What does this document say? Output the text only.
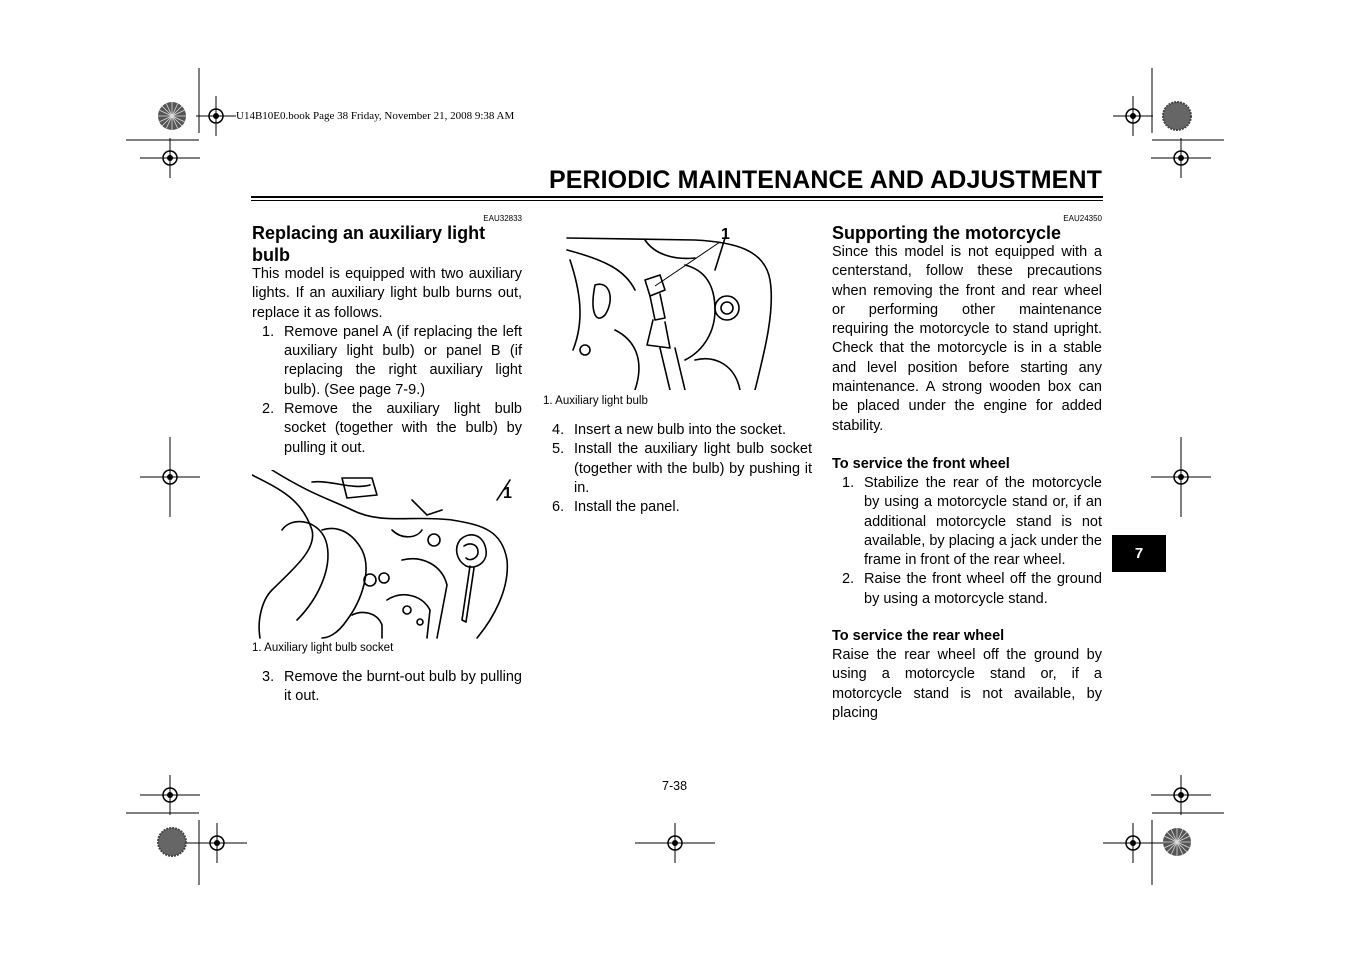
U14B10E0.book Page 38 Friday, November 21, 2008 9:38 AM
PERIODIC MAINTENANCE AND ADJUSTMENT
EAU32833
Replacing an auxiliary light bulb
This model is equipped with two auxiliary lights. If an auxiliary light bulb burns out, replace it as follows.
1. Remove panel A (if replacing the left auxiliary light bulb) or panel B (if replacing the right auxiliary light bulb). (See page 7-9.)
2. Remove the auxiliary light bulb socket (together with the bulb) by pulling it out.
1
1. Auxiliary light bulb socket
3. Remove the burnt-out bulb by pulling it out.
1
1. Auxiliary light bulb
4. Insert a new bulb into the socket.
5. Install the auxiliary light bulb socket (together with the bulb) by pushing it in.
6. Install the panel.
EAU24350
Supporting the motorcycle
Since this model is not equipped with a centerstand, follow these precautions when removing the front and rear wheel or performing other maintenance requiring the motorcycle to stand upright. Check that the motorcycle is in a stable and level position before starting any maintenance. A strong wooden box can be placed under the engine for added stability.
To service the front wheel
1. Stabilize the rear of the motorcycle by using a motorcycle stand or, if an additional motorcycle stand is not available, by placing a jack under the frame in front of the rear wheel.
2. Raise the front wheel off the ground by using a motorcycle stand.
To service the rear wheel
Raise the rear wheel off the ground by using a motorcycle stand or, if a motorcycle stand is not available, by placing
7
7-38
